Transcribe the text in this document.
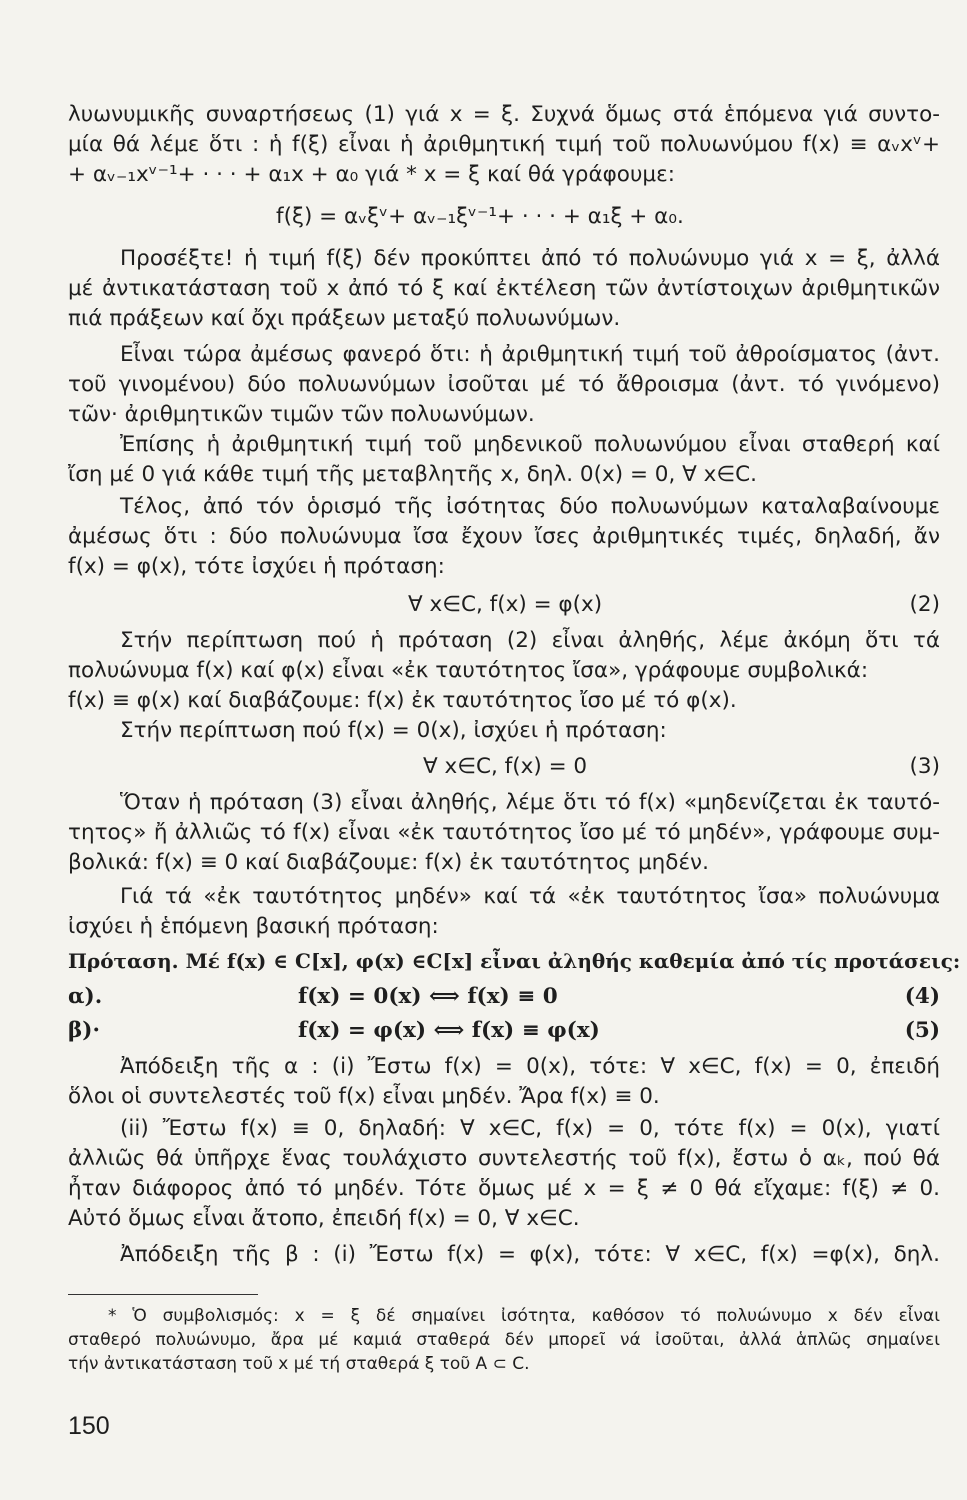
λυωνυμικῆς συναρτήσεως (1) γιά x = ξ. Συχνά ὅμως στά ἑπόμενα γιά συντο-
μία θά λέμε ὅτι : ἡ f(ξ) εἶναι ἡ ἀριθμητική τιμή τοῦ πολυωνύμου f(x) ≡ αᵥxᵛ+
+ αᵥ₋₁xᵛ⁻¹+ · · · + α₁x + α₀ γιά * x = ξ καί θά γράφουμε:
f(ξ) = αᵥξᵛ+ αᵥ₋₁ξᵛ⁻¹+ · · · + α₁ξ + α₀.
Προσέξτε! ἡ τιμή f(ξ) δέν προκύπτει ἀπό τό πολυώνυμο γιά x = ξ, ἀλλά
μέ ἀντικατάσταση τοῦ x ἀπό τό ξ καί ἐκτέλεση τῶν ἀντίστοιχων ἀριθμητικῶν
πιά πράξεων καί ὄχι πράξεων μεταξύ πολυωνύμων.
Εἶναι τώρα ἀμέσως φανερό ὅτι: ἡ ἀριθμητική τιμή τοῦ ἀθροίσματος (ἀντ.
τοῦ γινομένου) δύο πολυωνύμων ἰσοῦται μέ τό ἄθροισμα (ἀντ. τό γινόμενο)
τῶν· ἀριθμητικῶν τιμῶν τῶν πολυωνύμων.
Ἐπίσης ἡ ἀριθμητική τιμή τοῦ μηδενικοῦ πολυωνύμου εἶναι σταθερή καί
ἴση μέ 0 γιά κάθε τιμή τῆς μεταβλητῆς x, δηλ. 0(x) = 0, ∀ x∈C.
Τέλος, ἀπό τόν ὁρισμό τῆς ἰσότητας δύο πολυωνύμων καταλαβαίνουμε
ἀμέσως ὅτι : δύο πολυώνυμα ἴσα ἔχουν ἴσες ἀριθμητικές τιμές, δηλαδή, ἄν
f(x) = φ(x), τότε ἰσχύει ἡ πρόταση:
∀ x∈C, f(x) = φ(x)	(2)
Στήν περίπτωση πού ἡ πρόταση (2) εἶναι ἀληθής, λέμε ἀκόμη ὅτι τά
πολυώνυμα f(x) καί φ(x) εἶναι «ἐκ ταυτότητος ἴσα», γράφουμε συμβολικά:
f(x) ≡ φ(x) καί διαβάζουμε: f(x) ἐκ ταυτότητος ἴσο μέ τό φ(x).
Στήν περίπτωση πού f(x) = 0(x), ἰσχύει ἡ πρόταση:
∀ x∈C, f(x) = 0	(3)
Ὅταν ἡ πρόταση (3) εἶναι ἀληθής, λέμε ὅτι τό f(x) «μηδενίζεται ἐκ ταυτό-
τητος» ἤ ἀλλιῶς τό f(x) εἶναι «ἐκ ταυτότητος ἴσο μέ τό μηδέν», γράφουμε συμ-
βολικά: f(x) ≡ 0 καί διαβάζουμε: f(x) ἐκ ταυτότητος μηδέν.
Γιά τά «ἐκ ταυτότητος μηδέν» καί τά «ἐκ ταυτότητος ἴσα» πολυώνυμα
ἰσχύει ἡ ἑπόμενη βασική πρόταση:
Πρόταση. Μέ f(x) ∈ C[x], φ(x) ∈C[x] εἶναι ἀληθής καθεμία ἀπό τίς προτάσεις:
α).	f(x) = 0(x) ⟺ f(x) ≡ 0	(4)
β)·	f(x) = φ(x) ⟺ f(x) ≡ φ(x)	(5)
Ἀπόδειξη τῆς α : (i) Ἔστω f(x) = 0(x), τότε: ∀ x∈C, f(x) = 0, ἐπειδή
ὅλοι οἱ συντελεστές τοῦ f(x) εἶναι μηδέν. Ἄρα f(x) ≡ 0.
(ii) Ἔστω f(x) ≡ 0, δηλαδή: ∀ x∈C, f(x) = 0, τότε f(x) = 0(x), γιατί
ἀλλιῶς θά ὑπῆρχε ἕνας τουλάχιστο συντελεστής τοῦ f(x), ἔστω ὁ αₖ, πού θά
ἦταν διάφορος ἀπό τό μηδέν. Τότε ὅμως μέ x = ξ ≠ 0 θά εἴχαμε: f(ξ) ≠ 0.
Αὐτό ὅμως εἶναι ἄτοπο, ἐπειδή f(x) = 0, ∀ x∈C.
Ἀπόδειξη τῆς β : (i) Ἔστω f(x) = φ(x), τότε: ∀ x∈C, f(x) =φ(x), δηλ.
* Ὁ συμβολισμός: x = ξ δέ σημαίνει ἰσότητα, καθόσον τό πολυώνυμο x δέν εἶναι
σταθερό πολυώνυμο, ἄρα μέ καμιά σταθερά δέν μπορεῖ νά ἰσοῦται, ἀλλά ἁπλῶς σημαίνει
τήν ἀντικατάσταση τοῦ x μέ τή σταθερά ξ τοῦ A ⊂ C.
150
